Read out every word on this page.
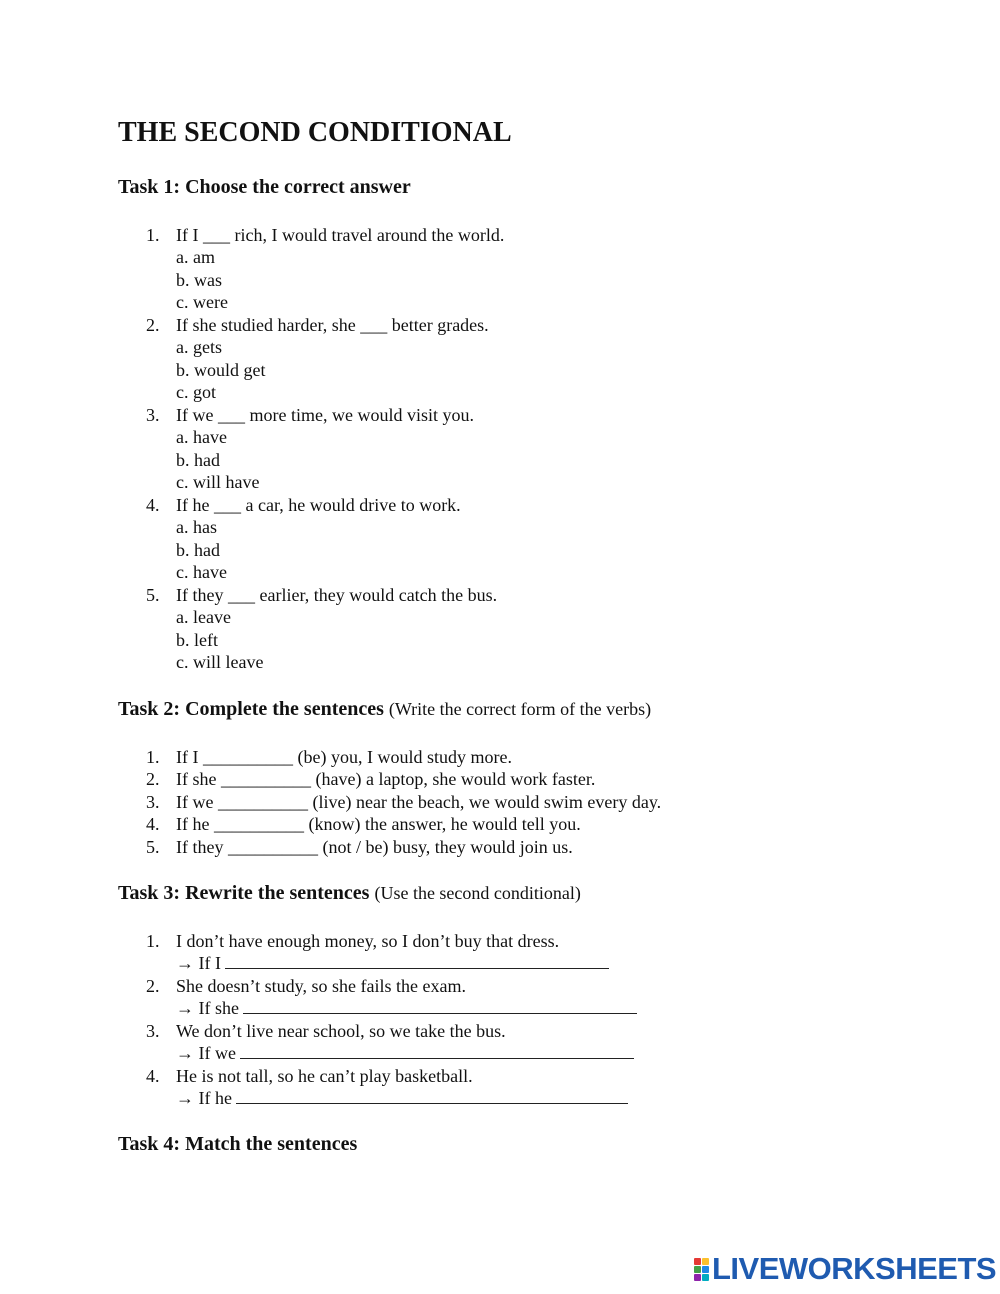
THE SECOND CONDITIONAL
Task 1: Choose the correct answer
1. If I ___ rich, I would travel around the world.
a. am
b. was
c. were
2. If she studied harder, she ___ better grades.
a. gets
b. would get
c. got
3. If we ___ more time, we would visit you.
a. have
b. had
c. will have
4. If he ___ a car, he would drive to work.
a. has
b. had
c. have
5. If they ___ earlier, they would catch the bus.
a. leave
b. left
c. will leave
Task 2: Complete the sentences (Write the correct form of the verbs)
1. If I __________ (be) you, I would study more.
2. If she __________ (have) a laptop, she would work faster.
3. If we __________ (live) near the beach, we would swim every day.
4. If he __________ (know) the answer, he would tell you.
5. If they __________ (not / be) busy, they would join us.
Task 3: Rewrite the sentences (Use the second conditional)
1. I don’t have enough money, so I don’t buy that dress.
→ If I
2. She doesn’t study, so she fails the exam.
→ If she
3. We don’t live near school, so we take the bus.
→ If we
4. He is not tall, so he can’t play basketball.
→ If he
Task 4: Match the sentences
LIVEWORKSHEETS
